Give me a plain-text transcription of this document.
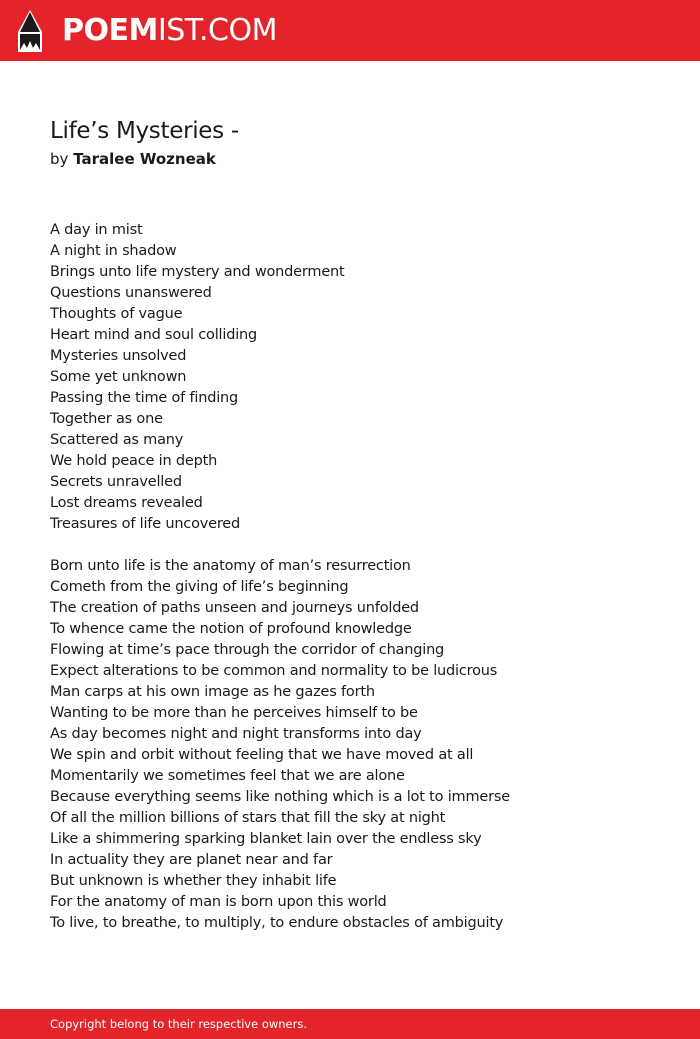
POEMIST.COM
Life’s Mysteries -
by Taralee Wozneak
A day in mist
A night in shadow
Brings unto life mystery and wonderment
Questions unanswered
Thoughts of vague
Heart mind and soul colliding
Mysteries unsolved
Some yet unknown
Passing the time of finding
Together as one
Scattered as many
We hold peace in depth
Secrets unravelled
Lost dreams revealed
Treasures of life uncovered
Born unto life is the anatomy of man’s resurrection
Cometh from the giving of life’s beginning
The creation of paths unseen and journeys unfolded
To whence came the notion of profound knowledge
Flowing at time’s pace through the corridor of changing
Expect alterations to be common and normality to be ludicrous
Man carps at his own image as he gazes forth
Wanting to be more than he perceives himself to be
As day becomes night and night transforms into day
We spin and orbit without feeling that we have moved at all
Momentarily we sometimes feel that we are alone
Because everything seems like nothing which is a lot to immerse
Of all the million billions of stars that fill the sky at night
Like a shimmering sparking blanket lain over the endless sky
In actuality they are planet near and far
But unknown is whether they inhabit life
For the anatomy of man is born upon this world
To live, to breathe, to multiply, to endure obstacles of ambiguity
Copyright belong to their respective owners.
